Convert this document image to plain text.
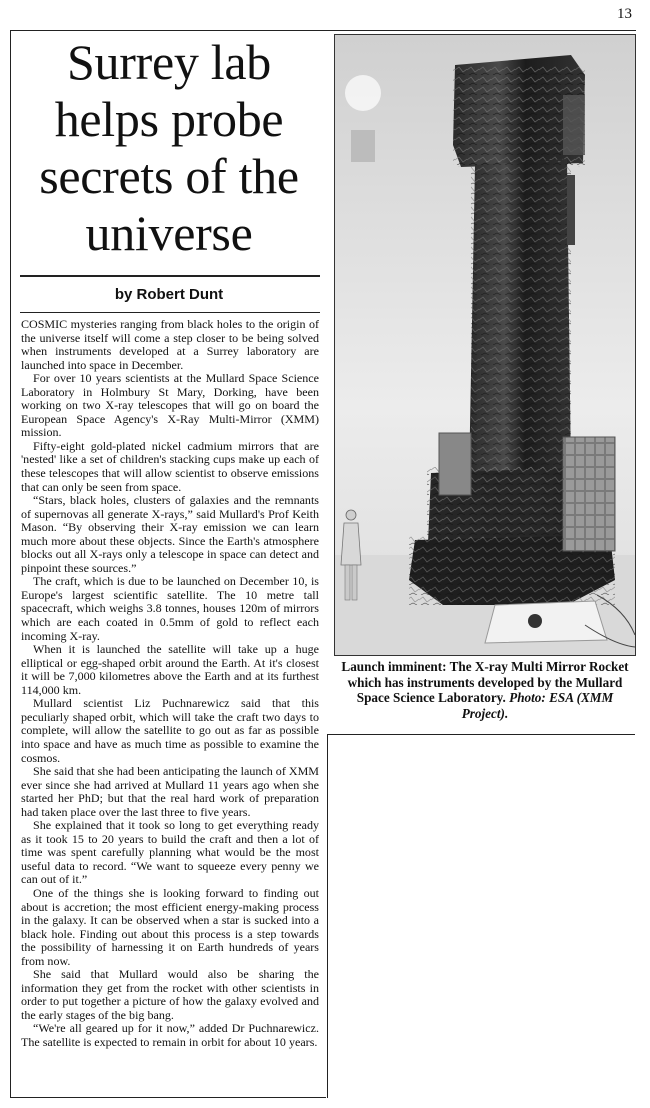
13
Surrey lab helps probe secrets of the universe
by Robert Dunt

COSMIC mysteries ranging from black holes to the origin of the universe itself will come a step closer to be being solved when instruments developed at a Surrey laboratory are launched into space in December.

For over 10 years scientists at the Mullard Space Science Laboratory in Holmbury St Mary, Dorking, have been working on two X-ray telescopes that will go on board the European Space Agency's X-Ray Multi-Mirror (XMM) mission.

Fifty-eight gold-plated nickel cadmium mirrors that are 'nested' like a set of children's stacking cups make up each of these telescopes that will allow scientist to observe emissions that can only be seen from space.

“Stars, black holes, clusters of galaxies and the remnants of supernovas all generate X-rays,” said Mullard's Prof Keith Mason. “By observing their X-ray emission we can learn much more about these objects. Since the Earth's atmosphere blocks out all X-rays only a telescope in space can detect and pinpoint these sources.”

The craft, which is due to be launched on December 10, is Europe's largest scientific satellite. The 10 metre tall spacecraft, which weighs 3.8 tonnes, houses 120m of mirrors which are each coated in 0.5mm of gold to reflect each incoming X-ray.

When it is launched the satellite will take up a huge elliptical or egg-shaped orbit around the Earth. At it's closest it will be 7,000 kilometres above the Earth and at its furthest 114,000 km.

Mullard scientist Liz Puchnarewicz said that this peculiarly shaped orbit, which will take the craft two days to complete, will allow the satellite to go out as far as possible into space and have as much time as possible to examine the cosmos.

She said that she had been anticipating the launch of XMM ever since she had arrived at Mullard 11 years ago when she started her PhD; but that the real hard work of preparation had taken place over the last three to five years.

She explained that it took so long to get everything ready as it took 15 to 20 years to build the craft and then a lot of time was spent carefully planning what would be the most useful data to record. “We want to squeeze every penny we can out of it.”

One of the things she is looking forward to finding out about is accretion; the most efficient energy-making process in the galaxy. It can be observed when a star is sucked into a black hole. Finding out about this process is a step towards the possibility of harnessing it on Earth hundreds of years from now.

She said that Mullard would also be sharing the information they get from the rocket with other scientists in order to put together a picture of how the galaxy evolved and the early stages of the big bang.

“We're all geared up for it now,” added Dr Puchnarewicz. The satellite is expected to remain in orbit for about 10 years.

Launch imminent: The X-ray Multi Mirror Rocket which has instruments developed by the Mullard Space Science Laboratory. Photo: ESA (XMM Project).
